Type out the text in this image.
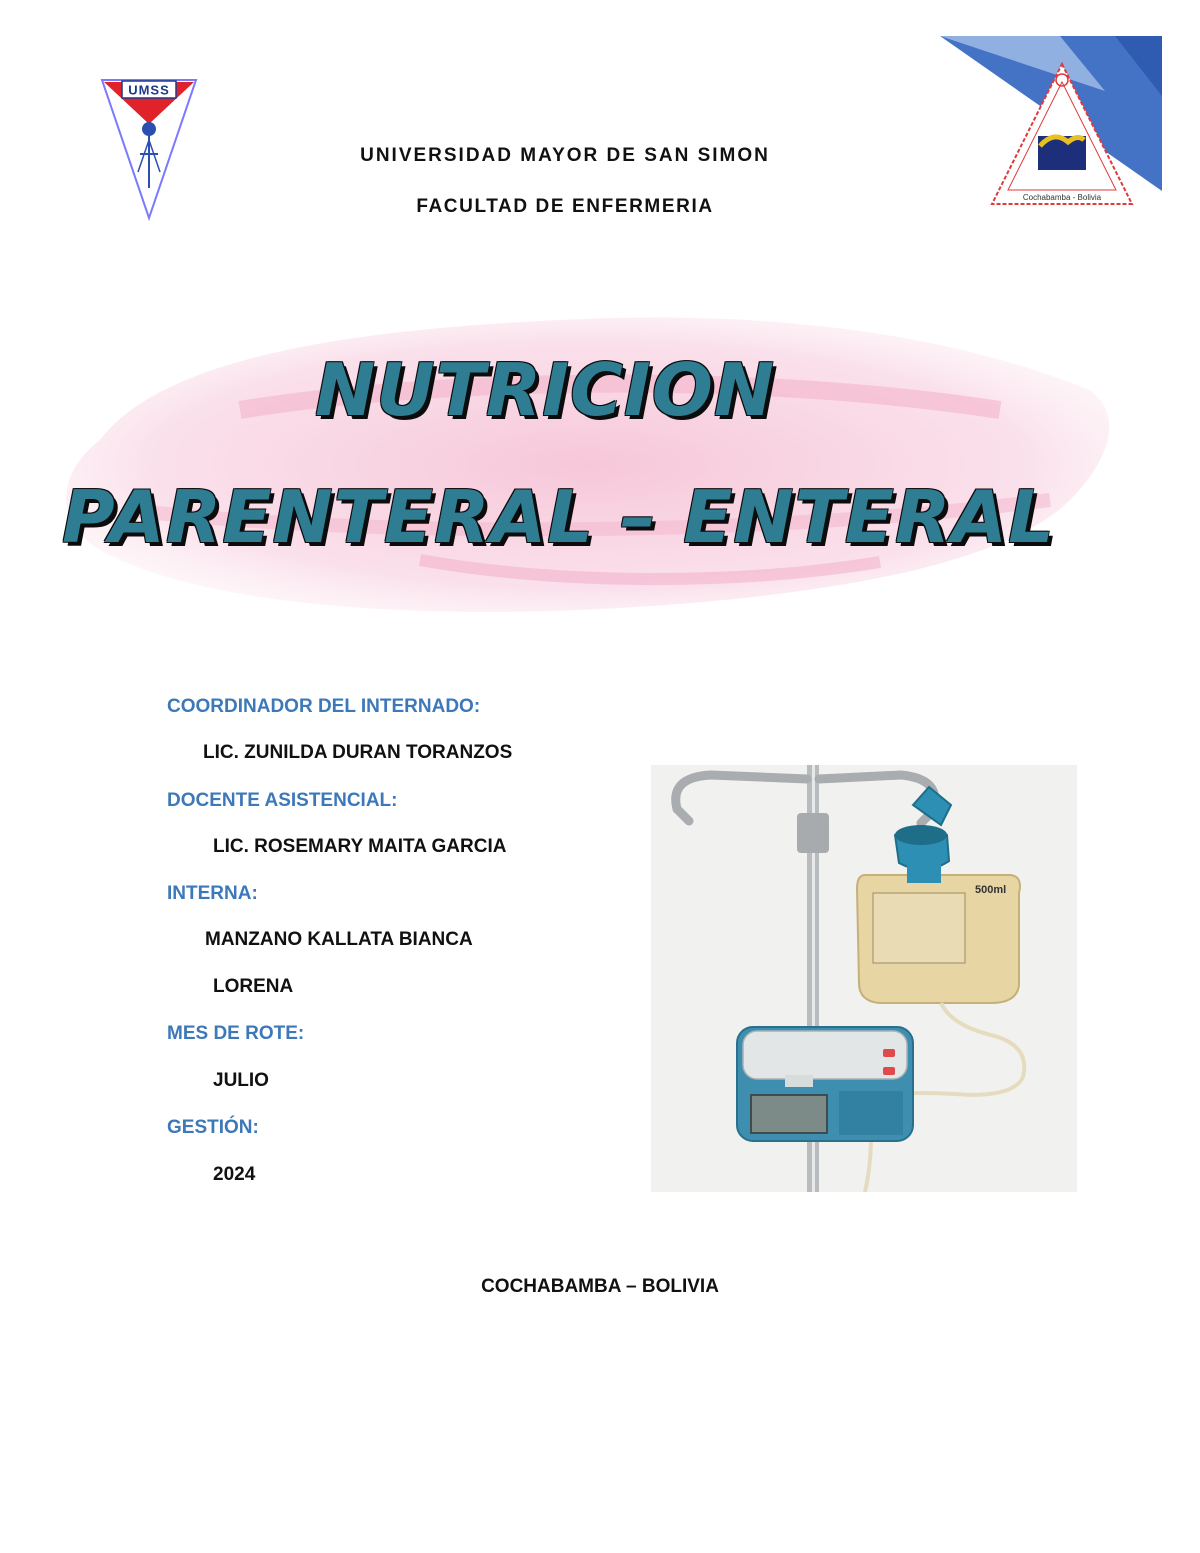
UMSS
UNIVERSIDAD MAYOR DE SAN SIMON
FACULTAD DE ENFERMERIA	Cochabamba - Bolivia
NUTRICION
PARENTERAL – ENTERAL
COORDINADOR DEL INTERNADO:
LIC. ZUNILDA DURAN TORANZOS
DOCENTE ASISTENCIAL:
LIC. ROSEMARY MAITA GARCIA
INTERNA:
MANZANO KALLATA BIANCA
LORENA
MES DE ROTE:
JULIO
GESTIÓN:
2024
500ml
COCHABAMBA – BOLIVIA
